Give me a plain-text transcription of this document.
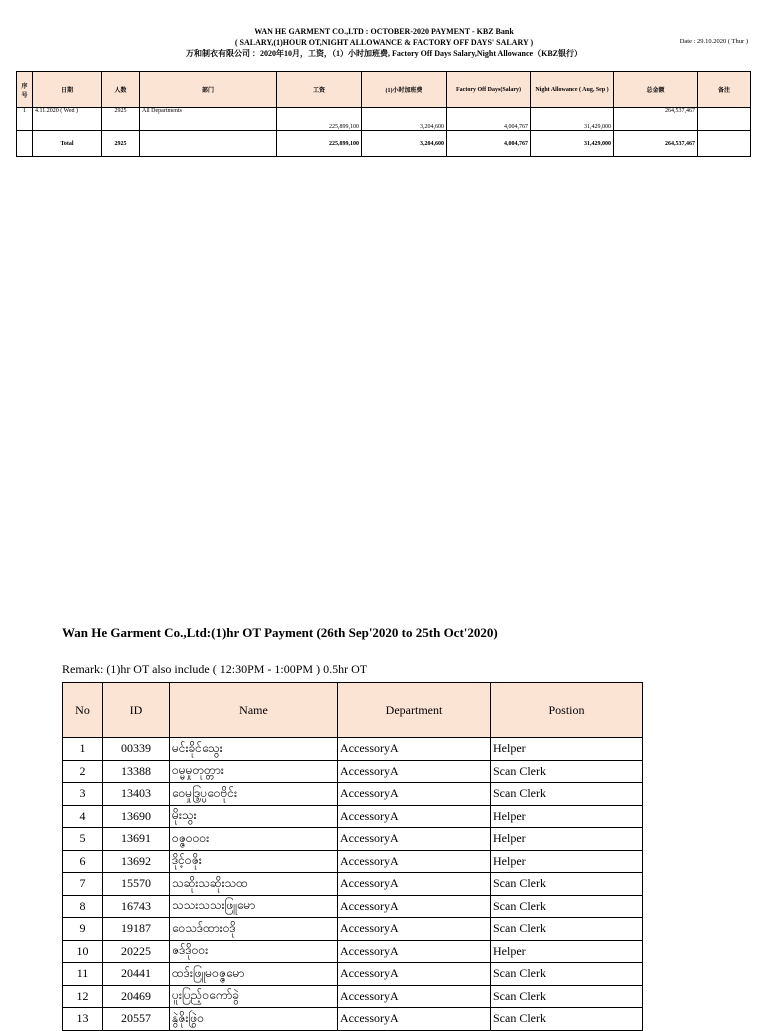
WAN HE GARMENT CO.,LTD : OCTOBER-2020 PAYMENT - KBZ Bank
( SALARY,(1)HOUR OT,NIGHT ALLOWANCE & FACTORY OFF DAYS' SALARY )
万和制衣有限公司 ：2020年10月，工资，（1）小时加班费, Factory Off Days Salary,Night Allowance（KBZ银行）
Date : 29.10.2020 ( Thur )
序号	日期	人数	部门	工资	(1)小时加班费	Factory Off Days(Salary)	Night Allowance ( Aug, Sep )	总金额	备注
1	4.11.2020 ( Wed )	2925	All Departments	225,899,100	3,204,600	4,004,767	31,429,000	264,537,467	
	Total	2925		225,899,100	3,204,600	4,004,767	31,429,000	264,537,467	
Wan He Garment Co.,Ltd:(1)hr OT Payment (26th Sep'2020 to 25th Oct'2020)
Remark: (1)hr OT also include ( 12:30PM - 1:00PM ) 0.5hr OT
No	ID	Name	Department	Postion
1	00339	မင်းခိုင်သွေး	AccessoryA	Helper
2	13388	ဝမ္မမှုတုတ္တား	AccessoryA	Scan Clerk
3	13403	ဝေမှုဒ္ဒြပ္ပဝေဗိုင်း	AccessoryA	Scan Clerk
4	13690	မိုးသွး	AccessoryA	Helper
5	13691	ဝဇ္ဇဝဝဝး	AccessoryA	Helper
6	13692	ဒိုင့်ဝဇိုး	AccessoryA	Helper
7	15570	သဆိုးသဆိုးသထ	AccessoryA	Scan Clerk
8	16743	သသးသသးဖြူမော	AccessoryA	Scan Clerk
9	19187	ဝေသဒ်ထားဝဒို	AccessoryA	Scan Clerk
10	20225	ဇဒ်ဒိုဝဝး	AccessoryA	Helper
11	20441	ထဒ်းဖြူမဝဇ္ဇမော	AccessoryA	Scan Clerk
12	20469	ပူးပြည့်ဝကော်ခွဲ	AccessoryA	Scan Clerk
13	20557	နွဲဇိုးဖြွဲဝ	AccessoryA	Scan Clerk
